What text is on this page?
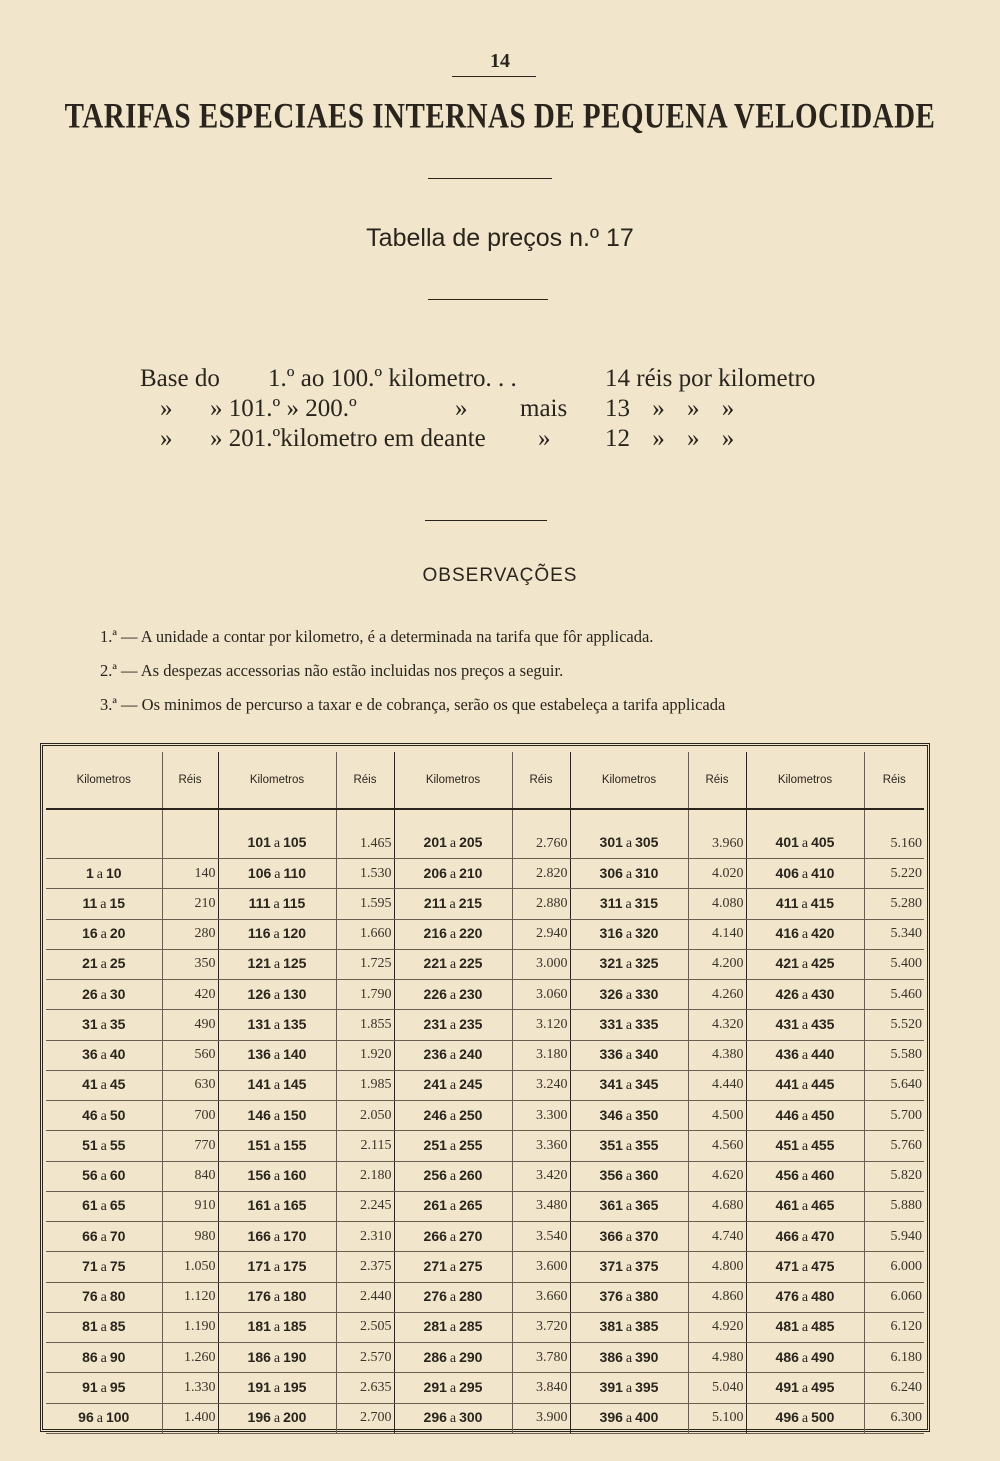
14
TARIFAS ESPECIAES INTERNAS DE PEQUENA VELOCIDADE
Tabella de preços n.º 17
Base do 1.º ao 100.º kilometro. . .	14 réis por kilometro
» » 101.º » 200.º	» mais 13 » » »
» » 201.ºkilometro em deante » 12 » » »
OBSERVAÇÕES
1.ª — A unidade a contar por kilometro, é a determinada na tarifa que fôr applicada.
2.ª — As despezas accessorias não estão incluidas nos preços a seguir.
3.ª — Os minimos de percurso a taxar e de cobrança, serão os que estabeleça a tarifa applicada
Kilometros	Réis	Kilometros	Réis	Kilometros	Réis	Kilometros	Réis	Kilometros	Réis
		101 a 105	1.465	201 a 205	2.760	301 a 305	3.960	401 a 405	5.160
1 a 10	140	106 a 110	1.530	206 a 210	2.820	306 a 310	4.020	406 a 410	5.220
11 a 15	210	111 a 115	1.595	211 a 215	2.880	311 a 315	4.080	411 a 415	5.280
16 a 20	280	116 a 120	1.660	216 a 220	2.940	316 a 320	4.140	416 a 420	5.340
21 a 25	350	121 a 125	1.725	221 a 225	3.000	321 a 325	4.200	421 a 425	5.400
26 a 30	420	126 a 130	1.790	226 a 230	3.060	326 a 330	4.260	426 a 430	5.460
31 a 35	490	131 a 135	1.855	231 a 235	3.120	331 a 335	4.320	431 a 435	5.520
36 a 40	560	136 a 140	1.920	236 a 240	3.180	336 a 340	4.380	436 a 440	5.580
41 a 45	630	141 a 145	1.985	241 a 245	3.240	341 a 345	4.440	441 a 445	5.640
46 a 50	700	146 a 150	2.050	246 a 250	3.300	346 a 350	4.500	446 a 450	5.700
51 a 55	770	151 a 155	2.115	251 a 255	3.360	351 a 355	4.560	451 a 455	5.760
56 a 60	840	156 a 160	2.180	256 a 260	3.420	356 a 360	4.620	456 a 460	5.820
61 a 65	910	161 a 165	2.245	261 a 265	3.480	361 a 365	4.680	461 a 465	5.880
66 a 70	980	166 a 170	2.310	266 a 270	3.540	366 a 370	4.740	466 a 470	5.940
71 a 75	1.050	171 a 175	2.375	271 a 275	3.600	371 a 375	4.800	471 a 475	6.000
76 a 80	1.120	176 a 180	2.440	276 a 280	3.660	376 a 380	4.860	476 a 480	6.060
81 a 85	1.190	181 a 185	2.505	281 a 285	3.720	381 a 385	4.920	481 a 485	6.120
86 a 90	1.260	186 a 190	2.570	286 a 290	3.780	386 a 390	4.980	486 a 490	6.180
91 a 95	1.330	191 a 195	2.635	291 a 295	3.840	391 a 395	5.040	491 a 495	6.240
96 a 100	1.400	196 a 200	2.700	296 a 300	3.900	396 a 400	5.100	496 a 500	6.300
